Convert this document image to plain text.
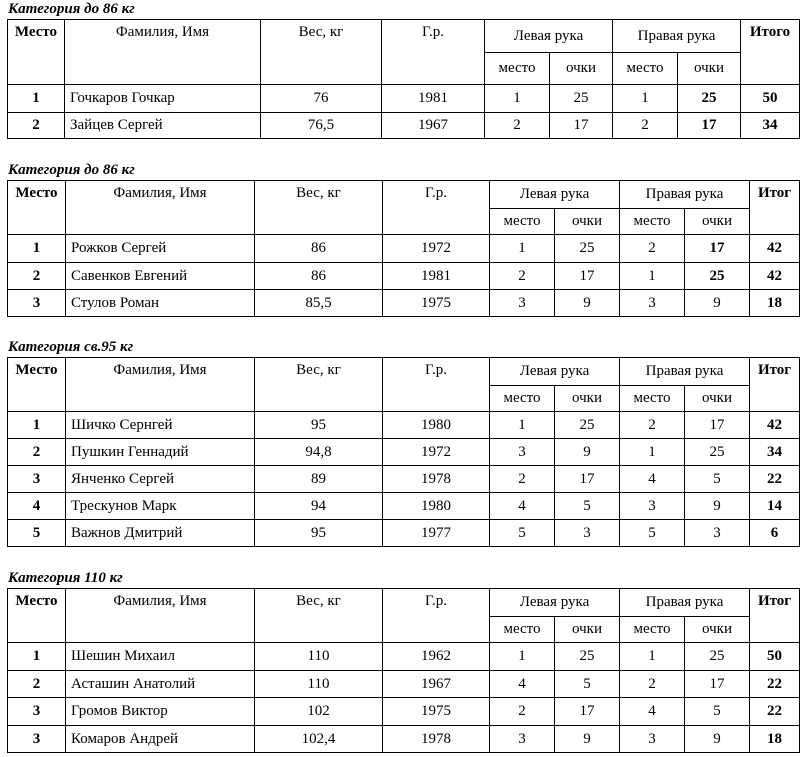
Категория до 86 кг
Место	Фамилия, Имя	Вес, кг	Г.р.	Левая рука		Правая рука		Итого
				место	очки	место	очки	
1	Гочкаров Гочкар	76	1981	1	25	1	25	50
2	Зайцев Сергей	76,5	1967	2	17	2	17	34
Категория до 86 кг
Место	Фамилия, Имя	Вес, кг	Г.р.	Левая рука		Правая рука		Итог
				место	очки	место	очки	
1	Рожков Сергей	86	1972	1	25	2	17	42
2	Савенков Евгений	86	1981	2	17	1	25	42
3	Стулов Роман	85,5	1975	3	9	3	9	18
Категория св.95 кг
Место	Фамилия, Имя	Вес, кг	Г.р.	Левая рука		Правая рука		Итог
				место	очки	место	очки	
1	Шичко Сернгей	95	1980	1	25	2	17	42
2	Пушкин Геннадий	94,8	1972	3	9	1	25	34
3	Янченко Сергей	89	1978	2	17	4	5	22
4	Трескунов Марк	94	1980	4	5	3	9	14
5	Важнов Дмитрий	95	1977	5	3	5	3	6
Категория 110 кг
Место	Фамилия, Имя	Вес, кг	Г.р.	Левая рука		Правая рука		Итог
				место	очки	место	очки	
1	Шешин Михаил	110	1962	1	25	1	25	50
2	Асташин Анатолий	110	1967	4	5	2	17	22
3	Громов Виктор	102	1975	2	17	4	5	22
3	Комаров Андрей	102,4	1978	3	9	3	9	18
